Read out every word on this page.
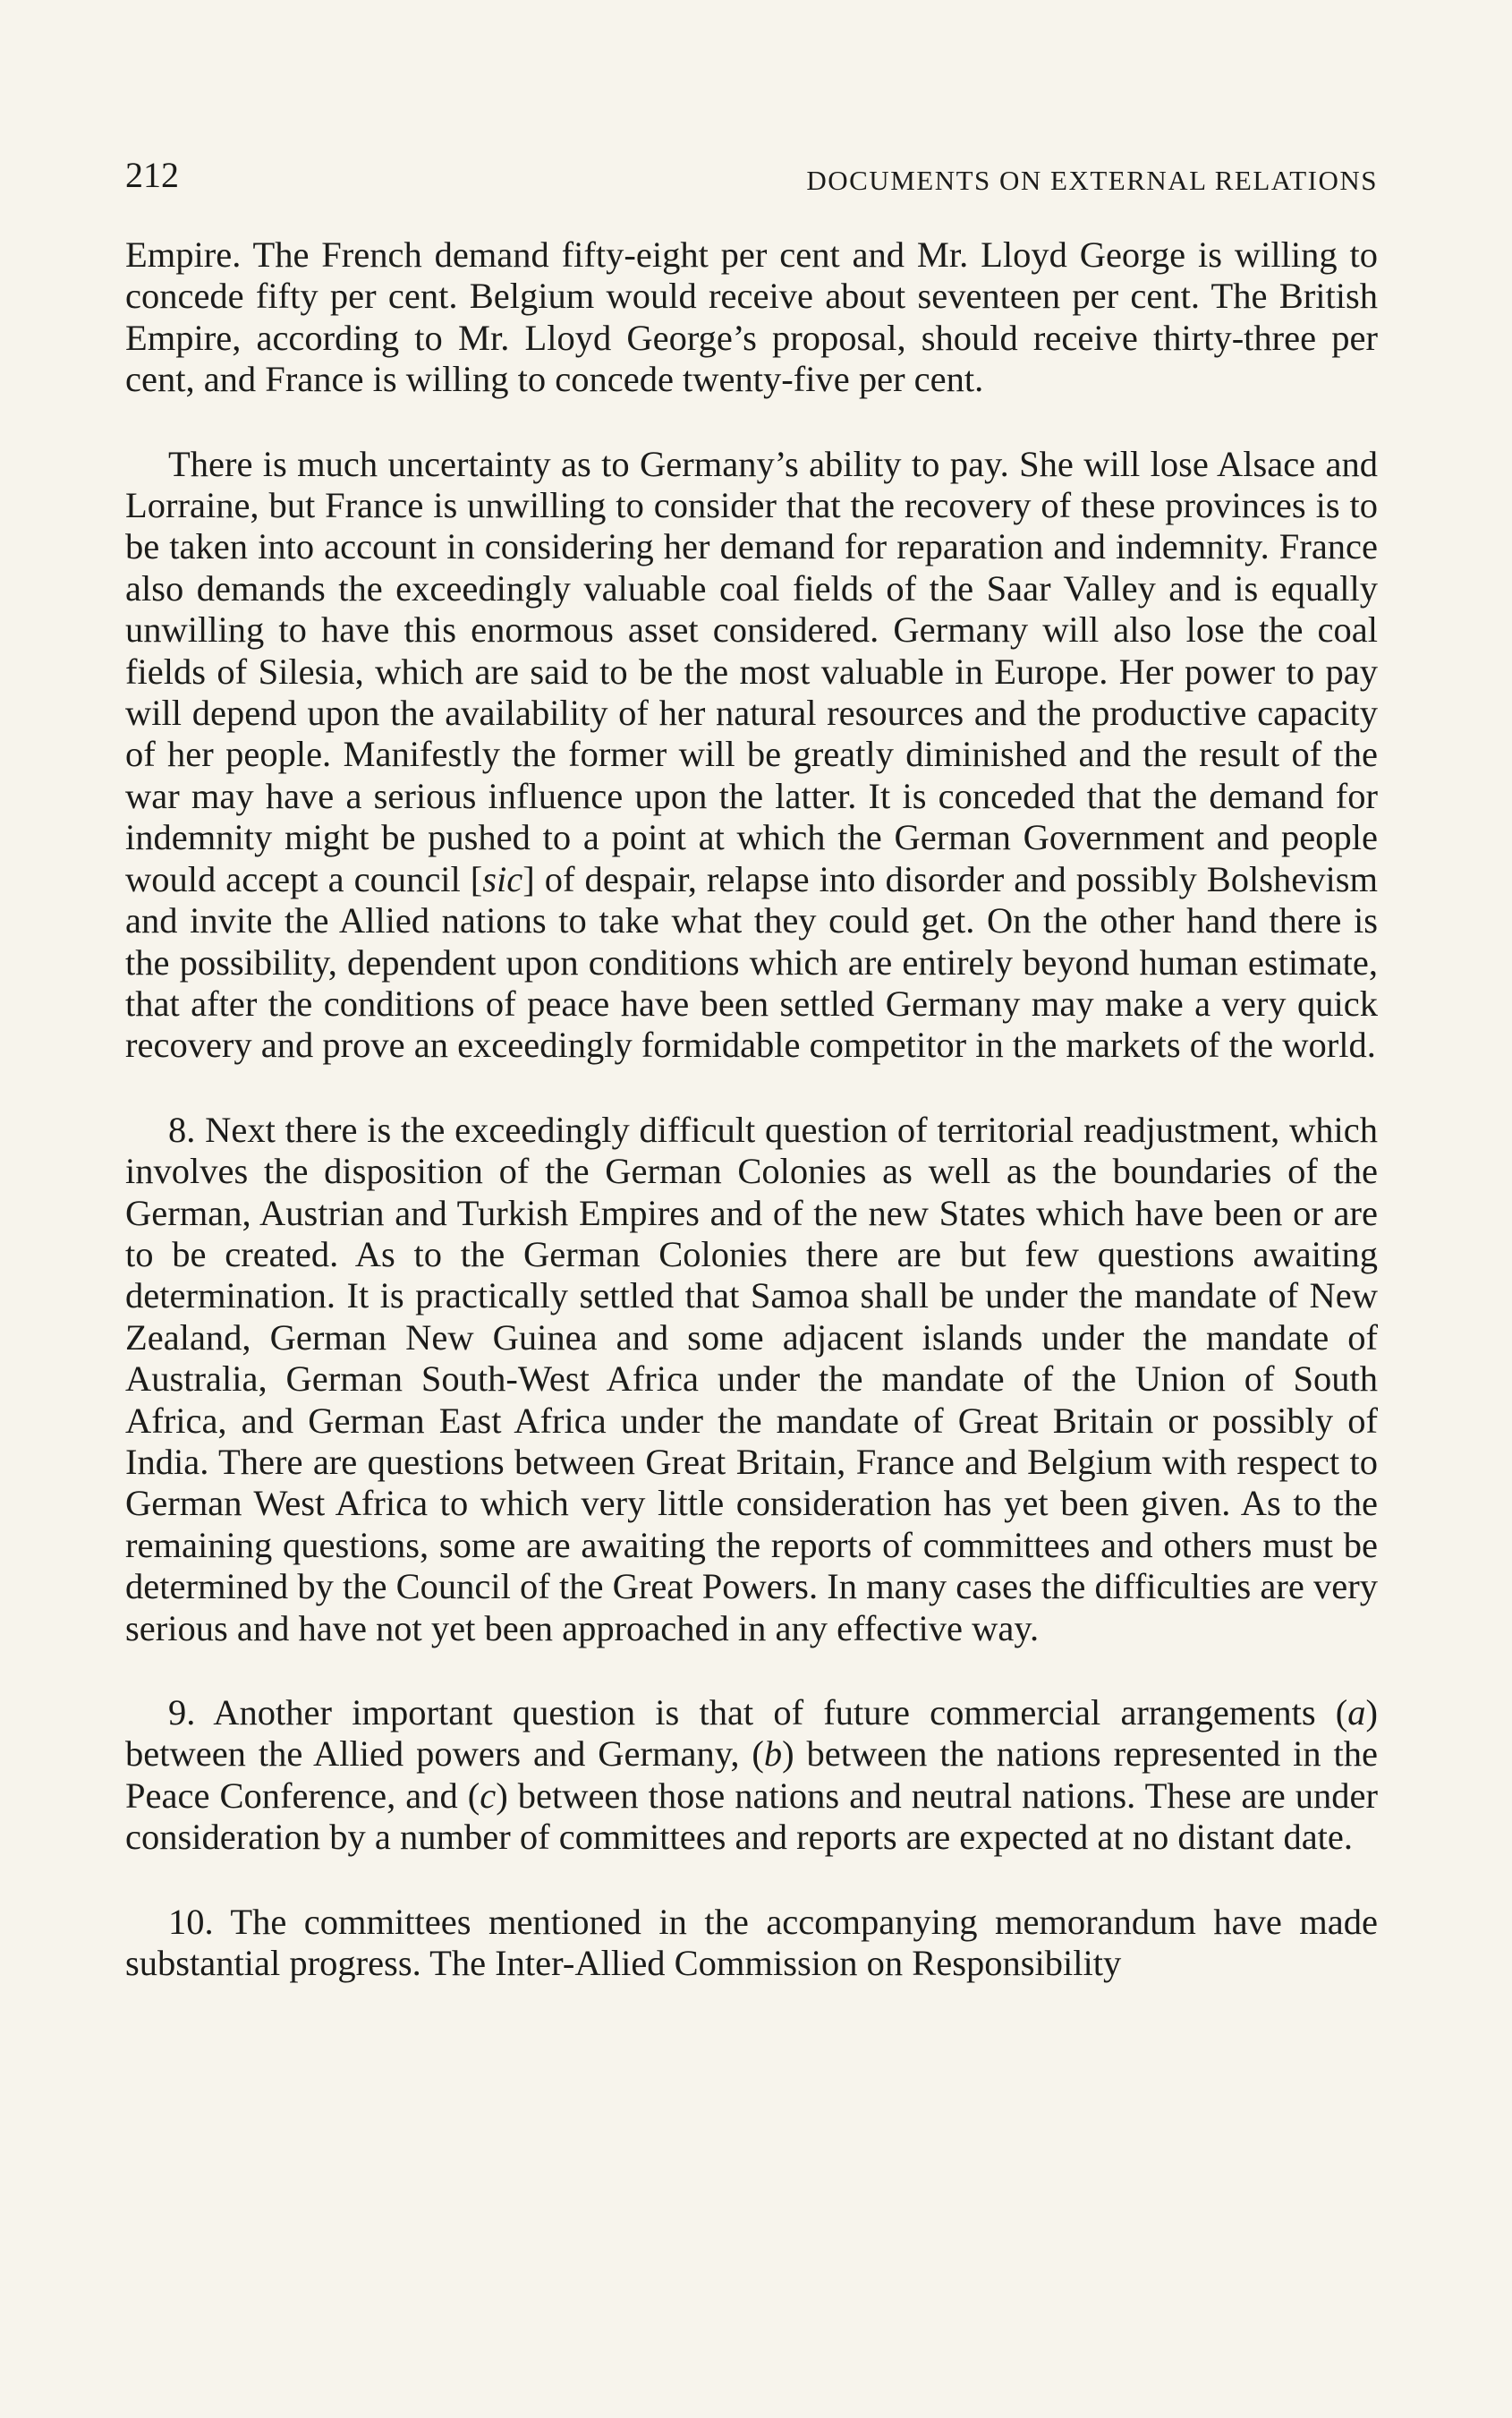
212	DOCUMENTS ON EXTERNAL RELATIONS

Empire. The French demand fifty-eight per cent and Mr. Lloyd George is willing to concede fifty per cent. Belgium would receive about seventeen per cent. The British Empire, according to Mr. Lloyd George’s proposal, should receive thirty-three per cent, and France is willing to concede twenty-five per cent.

There is much uncertainty as to Germany’s ability to pay. She will lose Alsace and Lorraine, but France is unwilling to consider that the recovery of these provinces is to be taken into account in considering her demand for reparation and indemnity. France also demands the exceedingly valuable coal fields of the Saar Valley and is equally unwilling to have this enormous asset considered. Germany will also lose the coal fields of Silesia, which are said to be the most valuable in Europe. Her power to pay will depend upon the availability of her natural resources and the productive capacity of her people. Manifestly the former will be greatly diminished and the result of the war may have a serious influence upon the latter. It is conceded that the demand for indemnity might be pushed to a point at which the German Government and people would accept a council [sic] of despair, relapse into disorder and possibly Bolshevism and invite the Allied nations to take what they could get. On the other hand there is the possibility, dependent upon conditions which are entirely beyond human estimate, that after the conditions of peace have been settled Germany may make a very quick recovery and prove an exceedingly formidable competitor in the markets of the world.

8. Next there is the exceedingly difficult question of territorial readjustment, which involves the disposition of the German Colonies as well as the boundaries of the German, Austrian and Turkish Empires and of the new States which have been or are to be created. As to the German Colonies there are but few questions awaiting determination. It is practically settled that Samoa shall be under the mandate of New Zealand, German New Guinea and some adjacent islands under the mandate of Australia, German South-West Africa under the mandate of the Union of South Africa, and German East Africa under the mandate of Great Britain or possibly of India. There are questions between Great Britain, France and Belgium with respect to German West Africa to which very little consideration has yet been given. As to the remaining questions, some are awaiting the reports of committees and others must be determined by the Council of the Great Powers. In many cases the difficulties are very serious and have not yet been approached in any effective way.

9. Another important question is that of future commercial arrangements (a) between the Allied powers and Germany, (b) between the nations represented in the Peace Conference, and (c) between those nations and neutral nations. These are under consideration by a number of committees and reports are expected at no distant date.

10. The committees mentioned in the accompanying memorandum have made substantial progress. The Inter-Allied Commission on Responsibility
